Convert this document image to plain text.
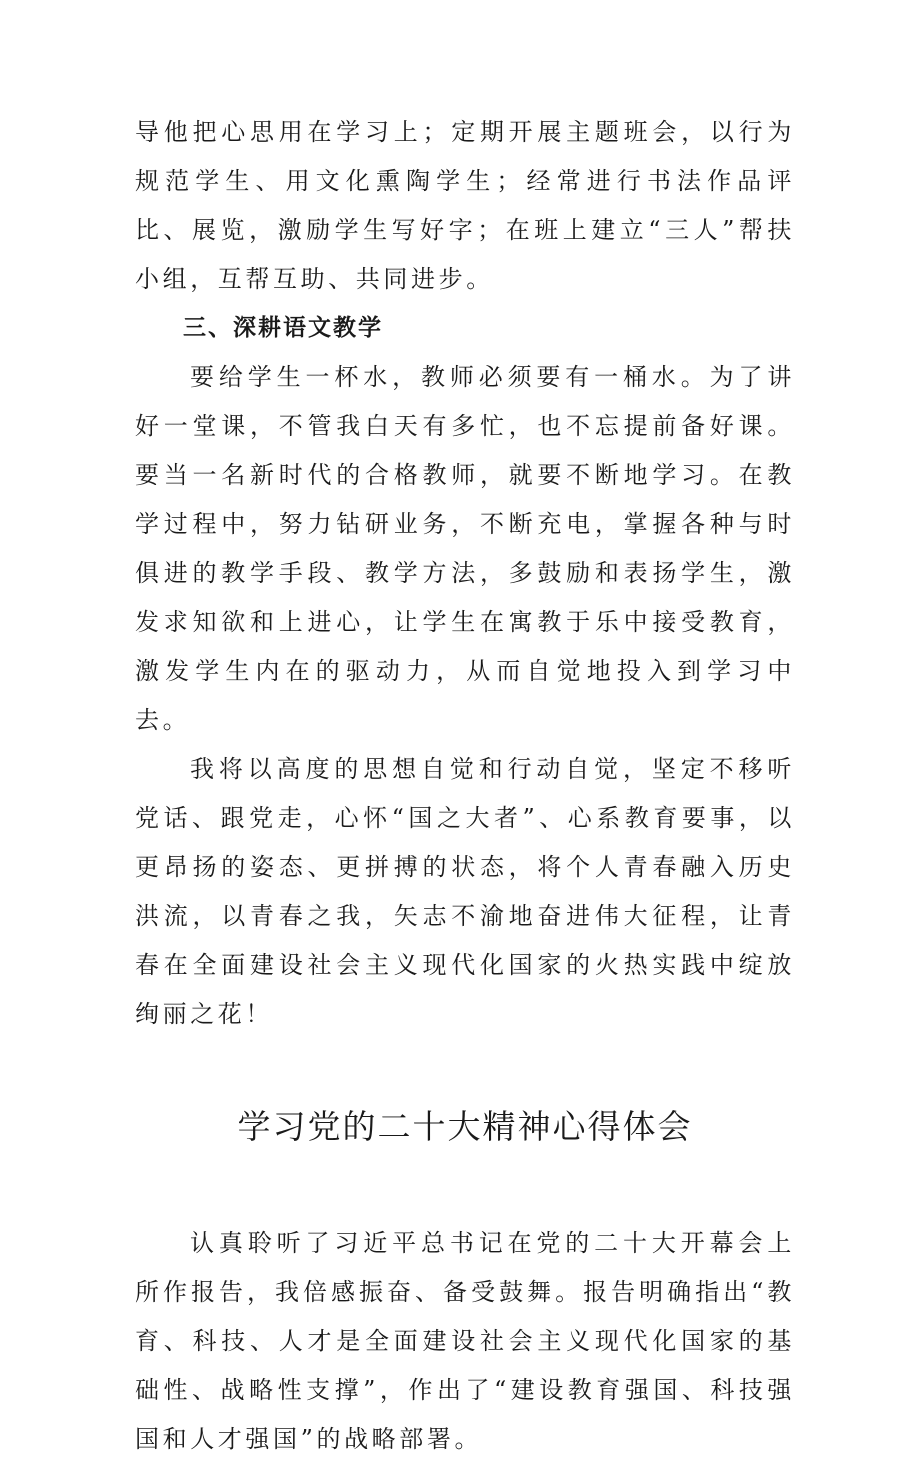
导他把心思用在学习上；定期开展主题班会，以行为规范学生、用文化熏陶学生；经常进行书法作品评比、展览，激励学生写好字；在班上建立“三人”帮扶小组，互帮互助、共同进步。

三、深耕语文教学

要给学生一杯水，教师必须要有一桶水。为了讲好一堂课，不管我白天有多忙，也不忘提前备好课。要当一名新时代的合格教师，就要不断地学习。在教学过程中，努力钻研业务，不断充电，掌握各种与时俱进的教学手段、教学方法，多鼓励和表扬学生，激发求知欲和上进心，让学生在寓教于乐中接受教育，激发学生内在的驱动力，从而自觉地投入到学习中去。

我将以高度的思想自觉和行动自觉，坚定不移听党话、跟党走，心怀“国之大者”、心系教育要事，以更昂扬的姿态、更拼搏的状态，将个人青春融入历史洪流，以青春之我，矢志不渝地奋进伟大征程，让青春在全面建设社会主义现代化国家的火热实践中绽放绚丽之花！

学习党的二十大精神心得体会

认真聆听了习近平总书记在党的二十大开幕会上所作报告，我倍感振奋、备受鼓舞。报告明确指出“教育、科技、人才是全面建设社会主义现代化国家的基础性、战略性支撑”，作出了“建设教育强国、科技强国和人才强国”的战略部署。
